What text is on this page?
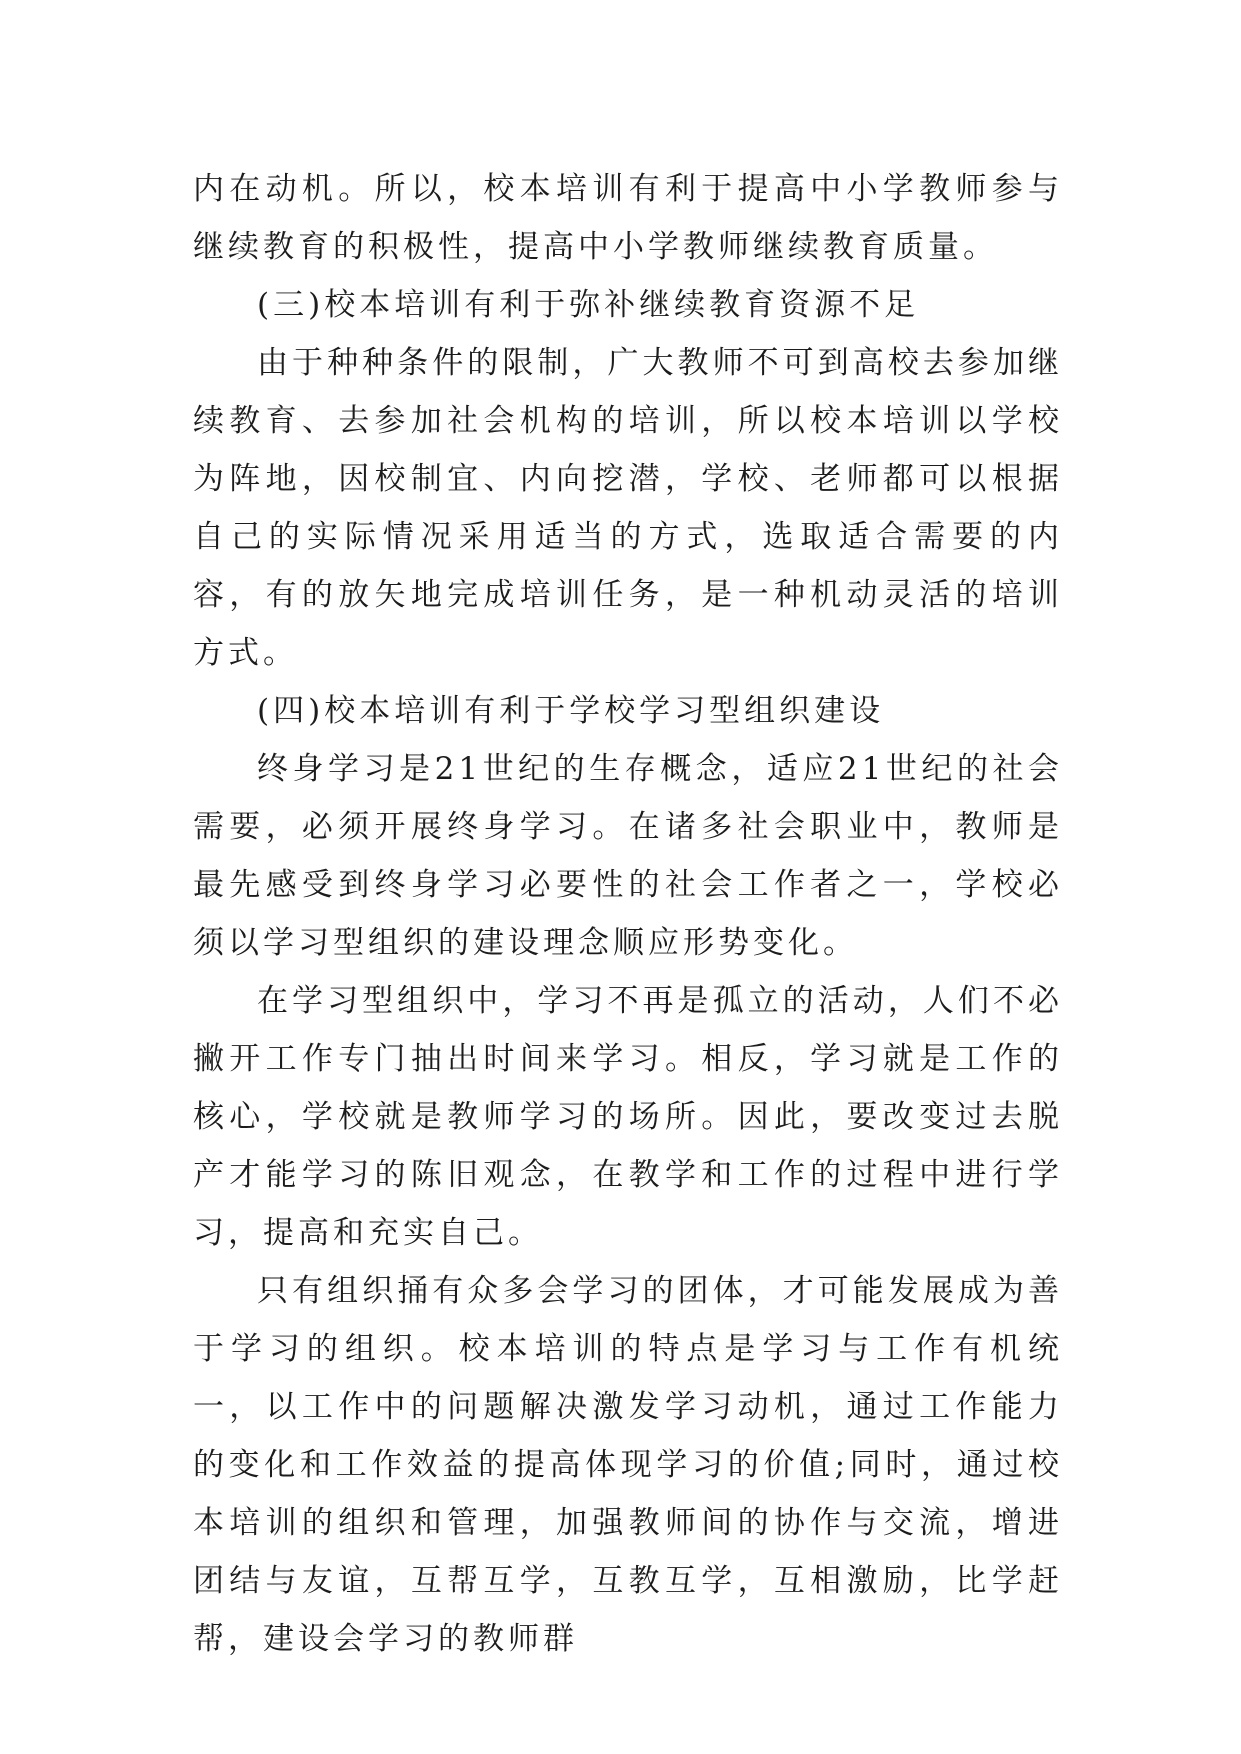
内在动机。所以，校本培训有利于提高中小学教师参与继续教育的积极性，提高中小学教师继续教育质量。

(三)校本培训有利于弥补继续教育资源不足

由于种种条件的限制，广大教师不可到高校去参加继续教育、去参加社会机构的培训，所以校本培训以学校为阵地，因校制宜、内向挖潜，学校、老师都可以根据自己的实际情况采用适当的方式，选取适合需要的内容，有的放矢地完成培训任务，是一种机动灵活的培训方式。

(四)校本培训有利于学校学习型组织建设

终身学习是21世纪的生存概念，适应21世纪的社会需要，必须开展终身学习。在诸多社会职业中，教师是最先感受到终身学习必要性的社会工作者之一，学校必须以学习型组织的建设理念顺应形势变化。

在学习型组织中，学习不再是孤立的活动，人们不必撇开工作专门抽出时间来学习。相反，学习就是工作的核心，学校就是教师学习的场所。因此，要改变过去脱产才能学习的陈旧观念，在教学和工作的过程中进行学习，提高和充实自己。

只有组织捅有众多会学习的团体，才可能发展成为善于学习的组织。校本培训的特点是学习与工作有机统一，以工作中的问题解决激发学习动机，通过工作能力的变化和工作效益的提高体现学习的价值;同时，通过校本培训的组织和管理，加强教师间的协作与交流，增进团结与友谊，互帮互学，互教互学，互相激励，比学赶帮，建设会学习的教师群
